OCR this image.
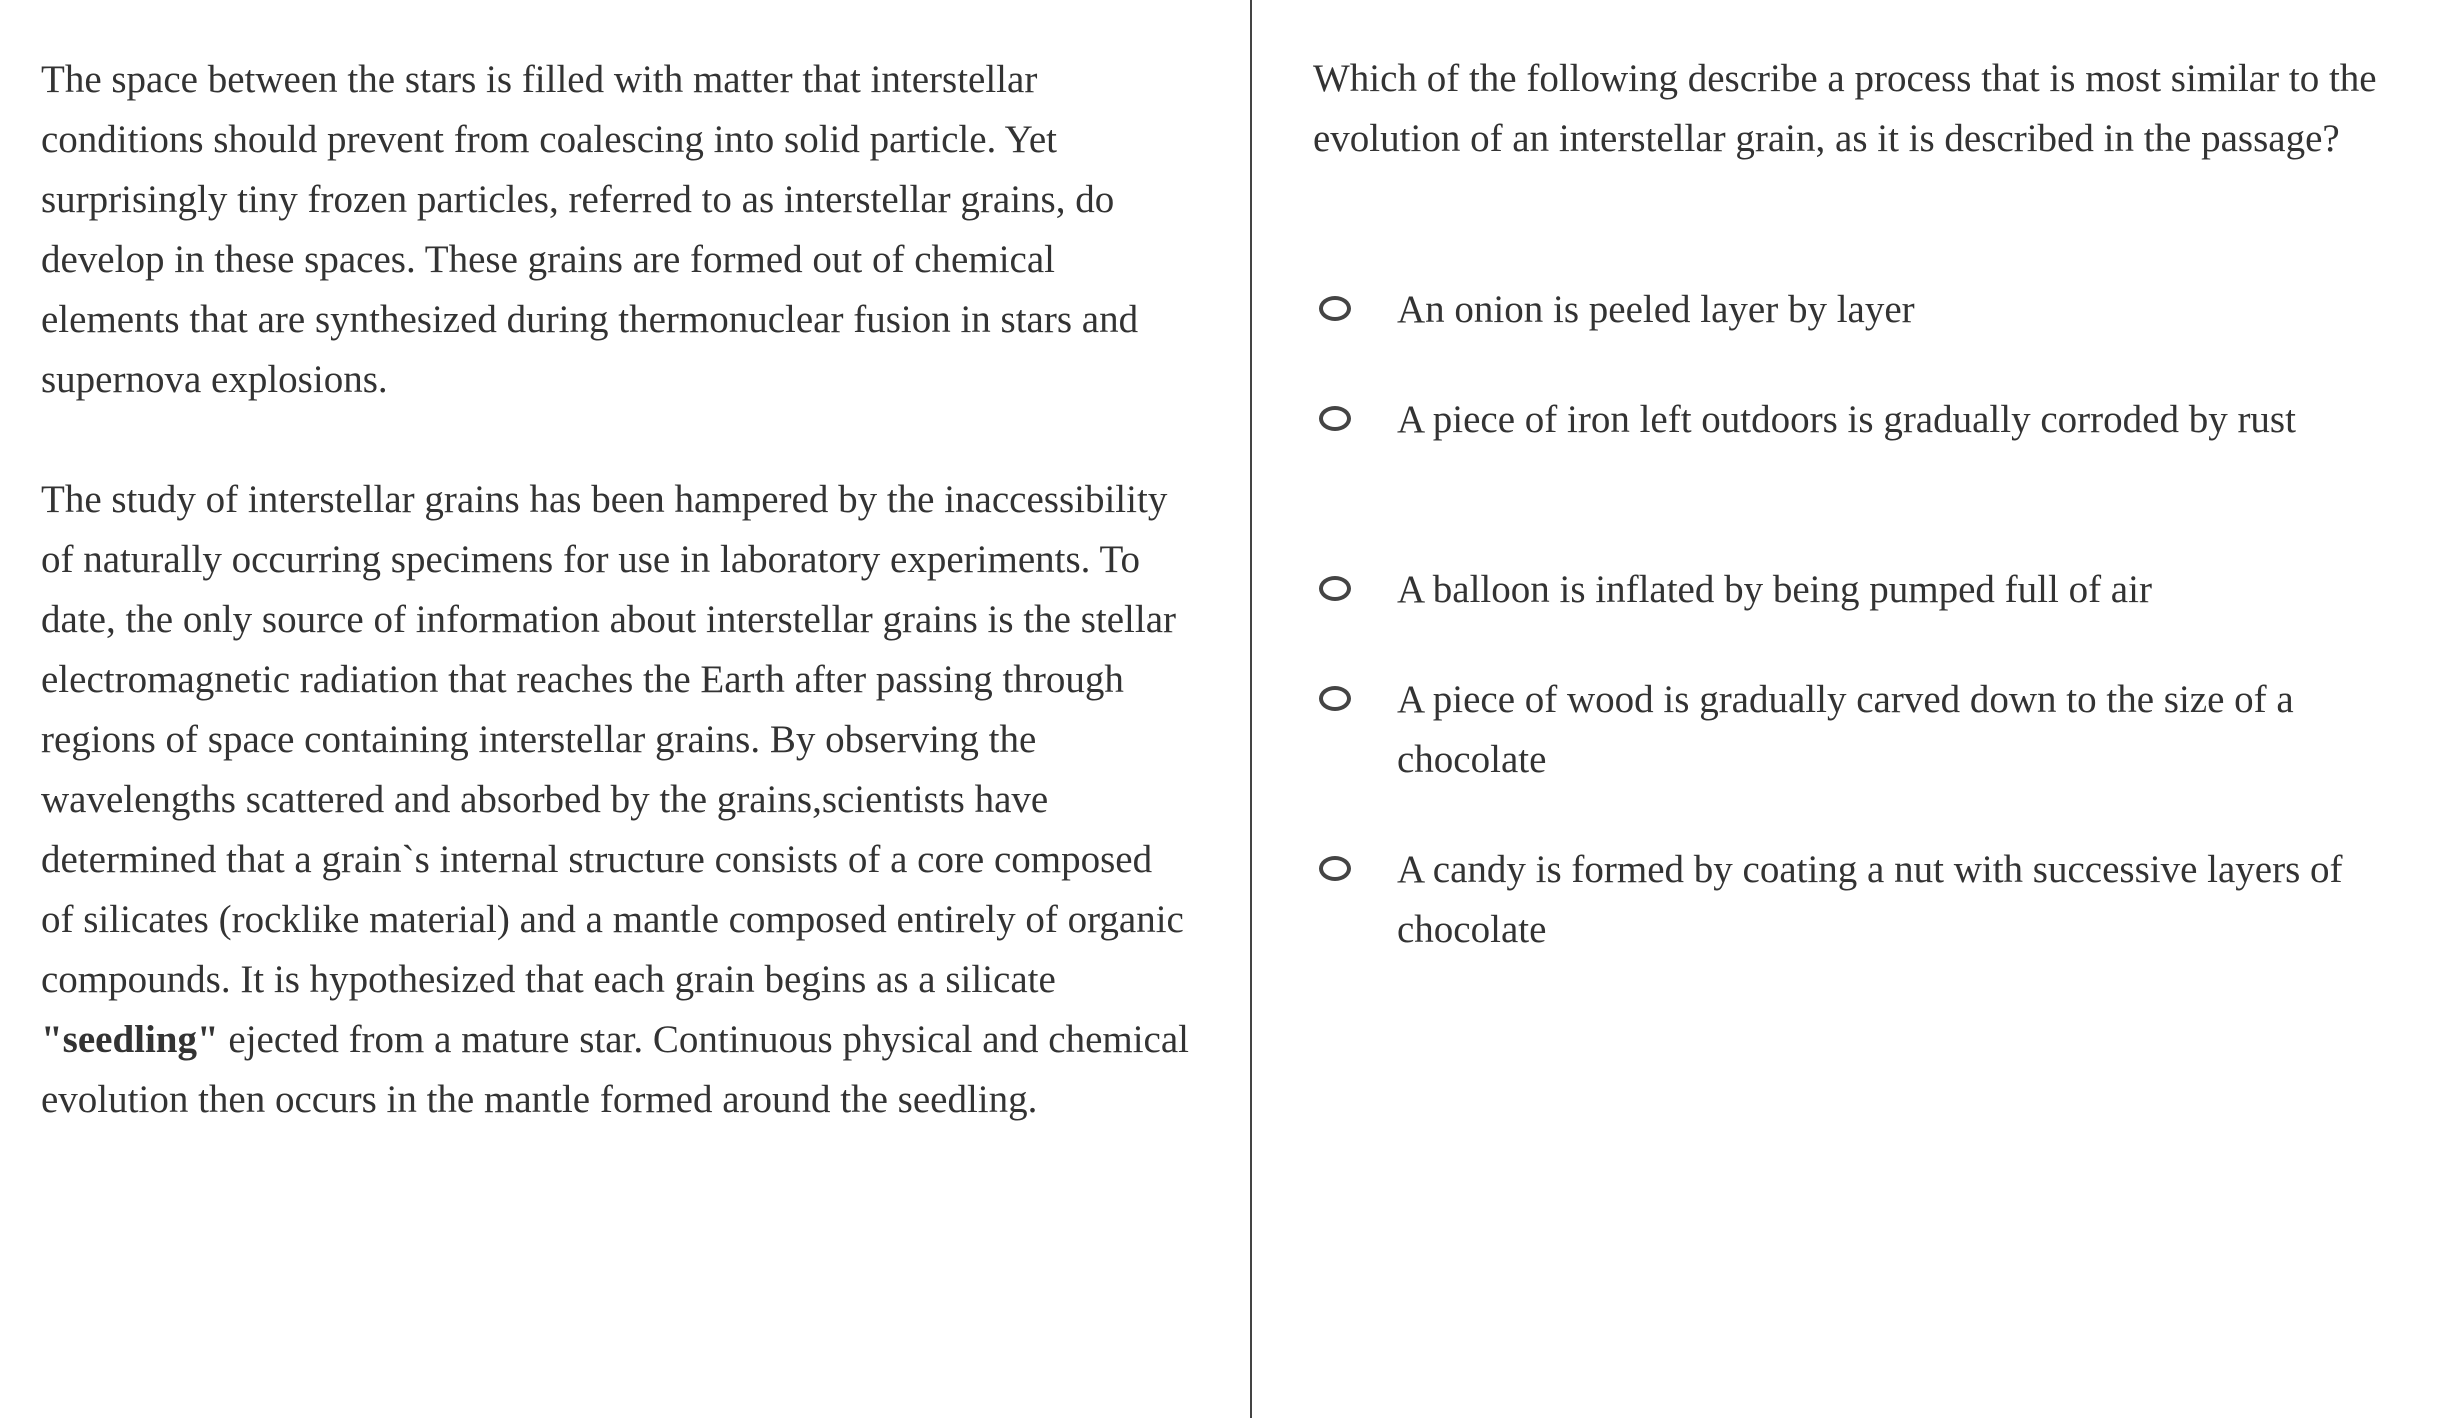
The space between the stars is filled with matter that interstellar conditions should prevent from coalescing into solid particle. Yet surprisingly tiny frozen particles, referred to as interstellar grains, do develop in these spaces. These grains are formed out of chemical elements that are synthesized during thermonuclear fusion in stars and supernova explosions.

The study of interstellar grains has been hampered by the inaccessibility of naturally occurring specimens for use in laboratory experiments. To date, the only source of information about interstellar grains is the stellar electromagnetic radiation that reaches the Earth after passing through regions of space containing interstellar grains. By observing the wavelengths scattered and absorbed by the grains,scientists have determined that a grain`s internal structure consists of a core composed of silicates (rocklike material) and a mantle composed entirely of organic compounds. It is hypothesized that each grain begins as a silicate "seedling" ejected from a mature star. Continuous physical and chemical evolution then occurs in the mantle formed around the seedling.

Which of the following describe a process that is most similar to the evolution of an interstellar grain, as it is described in the passage?

An onion is peeled layer by layer
A piece of iron left outdoors is gradually corroded by rust
A balloon is inflated by being pumped full of air
A piece of wood is gradually carved down to the size of a chocolate
A candy is formed by coating a nut with successive layers of chocolate
